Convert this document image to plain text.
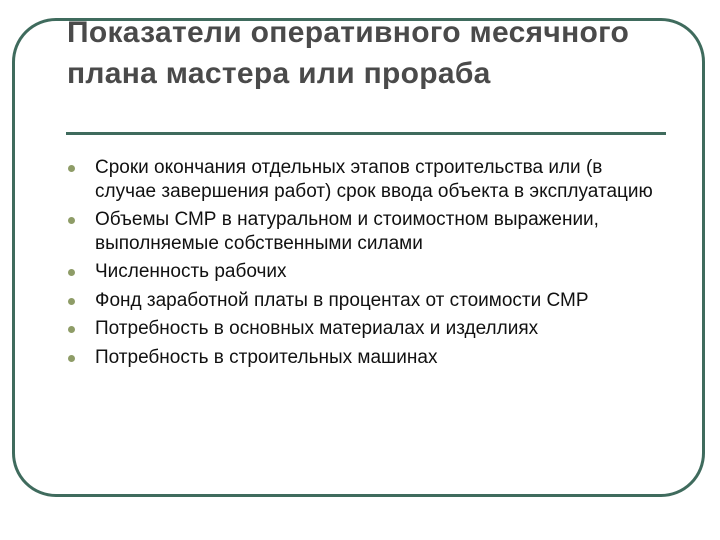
Показатели оперативного месячного плана мастера или прораба
Сроки окончания отдельных этапов строительства или (в случае завершения работ) срок ввода объекта в эксплуатацию
Объемы СМР в натуральном и стоимостном выражении, выполняемые собственными силами
Численность рабочих
Фонд заработной платы в процентах от стоимости СМР
Потребность в основных материалах и изделлиях
Потребность в строительных машинах
